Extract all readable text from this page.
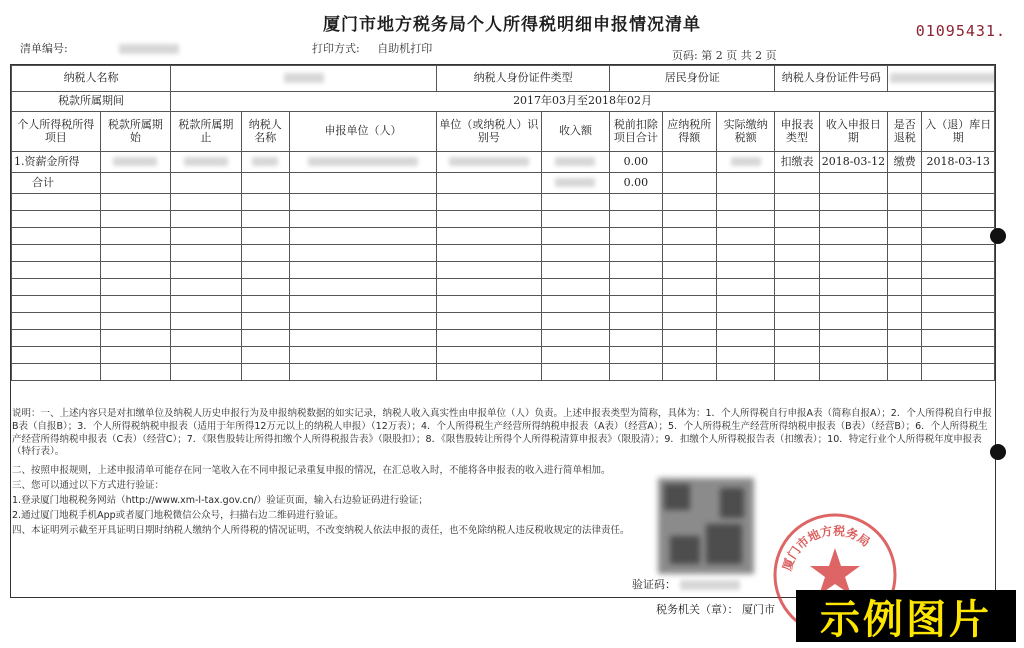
01095431.
厦门市地方税务局个人所得税明细申报情况清单
清单编号:	打印方式: 自助机打印
页码: 第 2 页 共 2 页
纳税人名称					纳税人身份证件类型		居民身份证			纳税人身份证件号码			
税款所属期间		2017年03月至2018年02月											
个人所得税所得项目	税款所属期始	税款所属期止	纳税人名称	申报单位（人）	单位（或纳税人）识别号	收入额	税前扣除项目合计	应纳税所得额	实际缴纳税额	申报表类型	收入申报日期	是否退税	入（退）库日期
1.资薪金所得							0.00			扣缴表	2018-03-12	缴费	2018-03-13
合计							0.00						

说明：一、上述内容只是对扣缴单位及纳税人历史申报行为及申报纳税数据的如实记录，纳税人收入真实性由申报单位（人）负责。上述申报表类型为简称，具体为：1．个人所得税自行申报A表（简称自报A）；2．个人所得税自行申报B表（自报B）；3．个人所得税纳税申报表（适用于年所得12万元以上的纳税人申报）（12万表）；4．个人所得税生产经营所得纳税申报表（A表）（经营A）；5．个人所得税生产经营所得纳税申报表（B表）（经营B）；6．个人所得税生产经营所得纳税申报表（C表）（经营C）；7．《限售股转让所得扣缴个人所得税报告表》（限股扣）；8．《限售股转让所得个人所得税清算申报表》（限股清）；9．扣缴个人所得税报告表（扣缴表）；10．特定行业个人所得税年度申报表（特行表）。

二、按照申报规则，上述申报清单可能存在同一笔收入在不同申报记录重复申报的情况，在汇总收入时，不能将各申报表的收入进行简单相加。

三、您可以通过以下方式进行验证：

1.登录厦门地税税务网站（http://www.xm-l-tax.gov.cn/）验证页面，输入右边验证码进行验证；

2.通过厦门地税手机App或者厦门地税微信公众号，扫描右边二维码进行验证。

四、本证明列示截至开具证明日期时纳税人缴纳个人所得税的情况证明，不改变纳税人依法申报的责任，也不免除纳税人违反税收规定的法律责任。

验证码：
税务机关（章）： 厦门市
厦门市地方税务局
示例图片
